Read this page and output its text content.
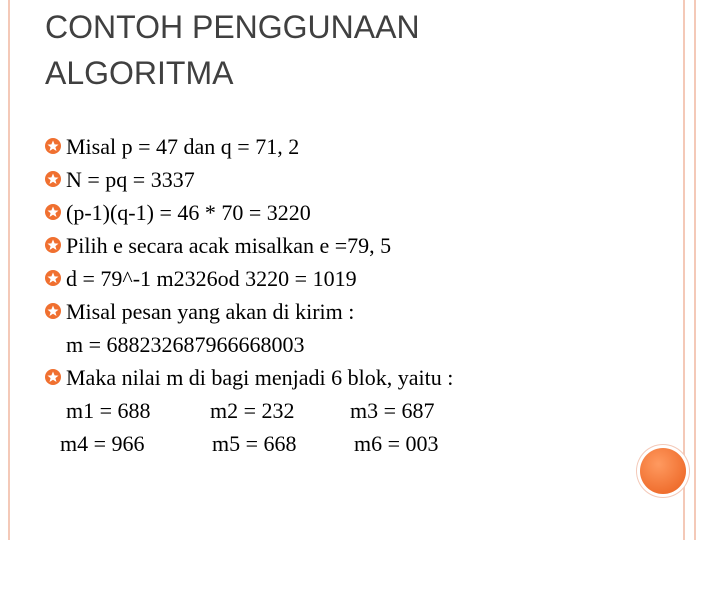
CONTOH PENGGUNAAN
ALGORITMA

Misal p = 47 dan q = 71, 2

N = pq = 3337

(p-1)(q-1) = 46 * 70 = 3220

Pilih e secara acak misalkan e =79, 5

d = 79^-1 m2326od 3220 = 1019

Misal pesan yang akan di kirim :

m = 688232687966668003

Maka nilai m di bagi menjadi 6 blok, yaitu :

m1 = 688

	m2 = 232

	m3 = 687

m4 = 966

	m5 = 668

	m6 = 003
